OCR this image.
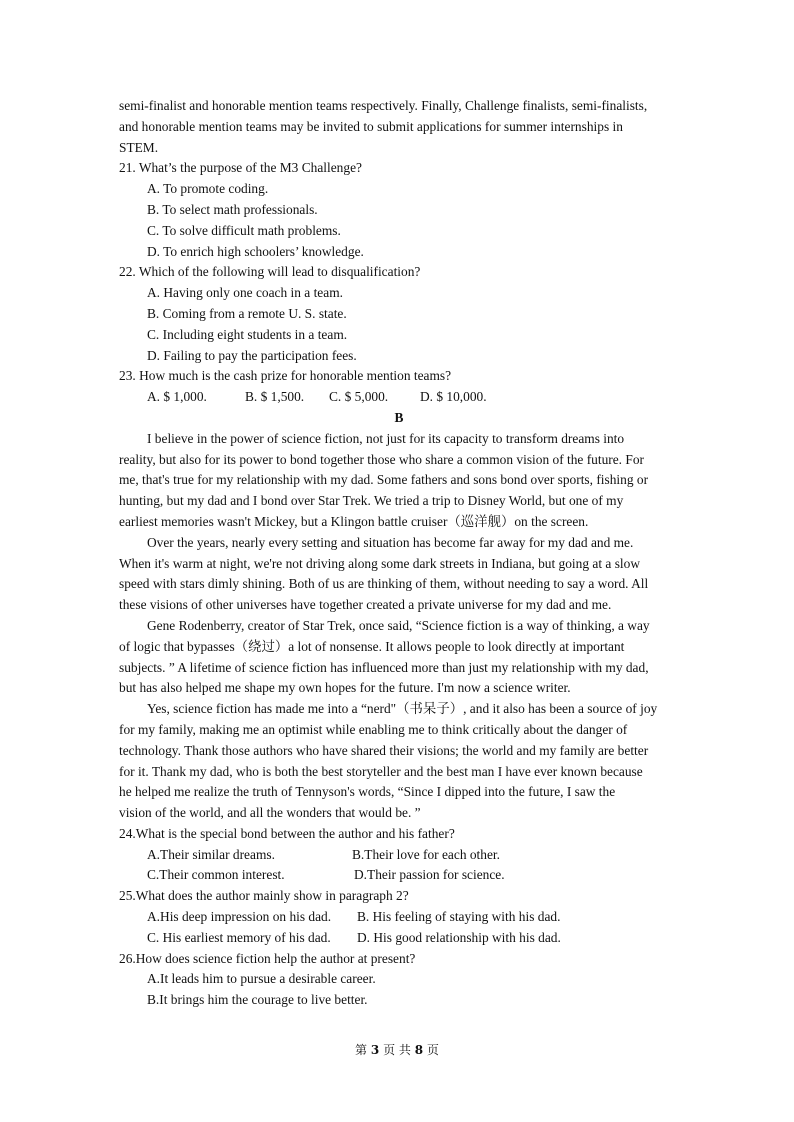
semi-finalist and honorable mention teams respectively. Finally, Challenge finalists, semi-finalists,
and honorable mention teams may be invited to submit applications for summer internships in
STEM.
21. What’s the purpose of the M3 Challenge?
A. To promote coding.
B. To select math professionals.
C. To solve difficult math problems.
D. To enrich high schoolers’ knowledge.
22. Which of the following will lead to disqualification?
A. Having only one coach in a team.
B. Coming from a remote U. S. state.
C. Including eight students in a team.
D. Failing to pay the participation fees.
23. How much is the cash prize for honorable mention teams?
A. $ 1,000.	B. $ 1,500.	C. $ 5,000.	D. $ 10,000.
B
I believe in the power of science fiction, not just for its capacity to transform dreams into
reality, but also for its power to bond together those who share a common vision of the future. For
me, that's true for my relationship with my dad. Some fathers and sons bond over sports, fishing or
hunting, but my dad and I bond over Star Trek. We tried a trip to Disney World, but one of my
earliest memories wasn't Mickey, but a Klingon battle cruiser（巡洋舰）on the screen.
Over the years, nearly every setting and situation has become far away for my dad and me.
When it's warm at night, we're not driving along some dark streets in Indiana, but going at a slow
speed with stars dimly shining. Both of us are thinking of them, without needing to say a word. All
these visions of other universes have together created a private universe for my dad and me.
Gene Rodenberry, creator of Star Trek, once said, “Science fiction is a way of thinking, a way
of logic that bypasses（绕过）a lot of nonsense. It allows people to look directly at important
subjects. ” A lifetime of science fiction has influenced more than just my relationship with my dad,
but has also helped me shape my own hopes for the future. I'm now a science writer.
Yes, science fiction has made me into a “nerd"（书呆子）, and it also has been a source of joy
for my family, making me an optimist while enabling me to think critically about the danger of
technology. Thank those authors who have shared their visions; the world and my family are better
for it. Thank my dad, who is both the best storyteller and the best man I have ever known because
he helped me realize the truth of Tennyson's words, “Since I dipped into the future, I saw the
vision of the world, and all the wonders that would be. ”
24.What is the special bond between the author and his father?
A.Their similar dreams.	B.Their love for each other.
C.Their common interest.	D.Their passion for science.
25.What does the author mainly show in paragraph 2?
A.His deep impression on his dad.	B. His feeling of staying with his dad.
C. His earliest memory of his dad.	D. His good relationship with his dad.
26.How does science fiction help the author at present?
A.It leads him to pursue a desirable career.
B.It brings him the courage to live better.
第 3 页 共 8 页
